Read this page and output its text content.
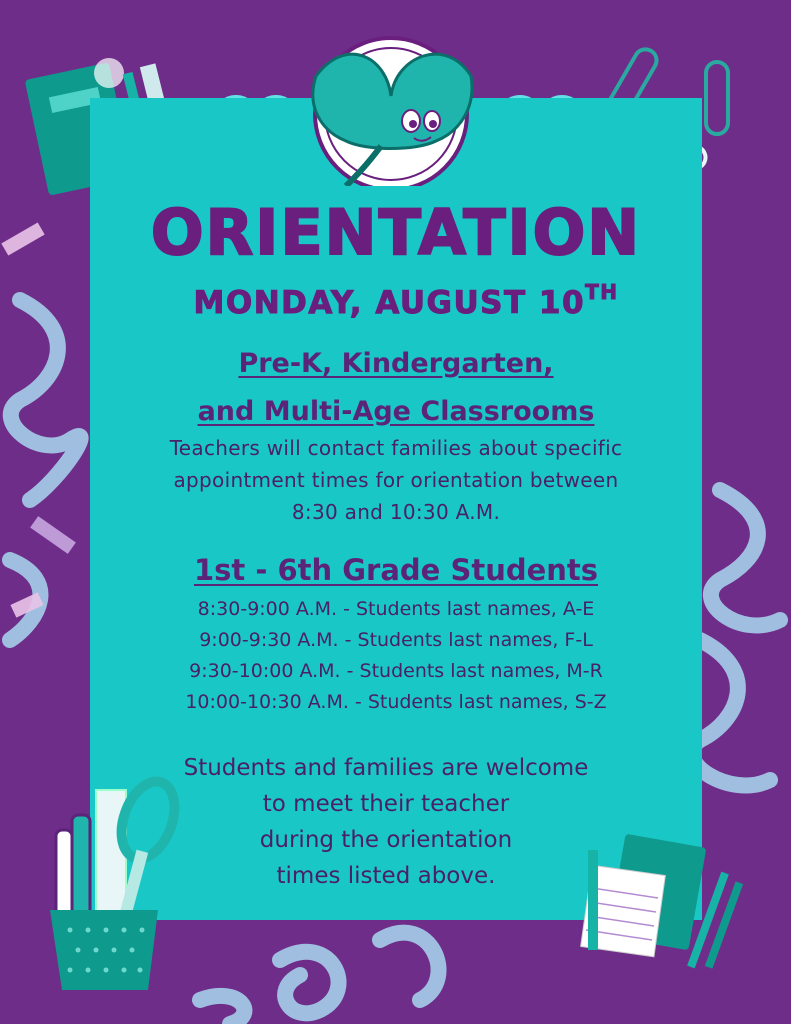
ORIENTATION
MONDAY, AUGUST 10TH
Pre-K, Kindergarten,
and Multi-Age Classrooms
Teachers will contact families about specific
appointment times for orientation between
8:30 and 10:30 A.M.
1st - 6th Grade Students
8:30-9:00 A.M. - Students last names, A-E
9:00-9:30 A.M. - Students last names, F-L
9:30-10:00 A.M. - Students last names, M-R
10:00-10:30 A.M. - Students last names, S-Z
Students and families are welcome
to meet their teacher
during the orientation
times listed above.
